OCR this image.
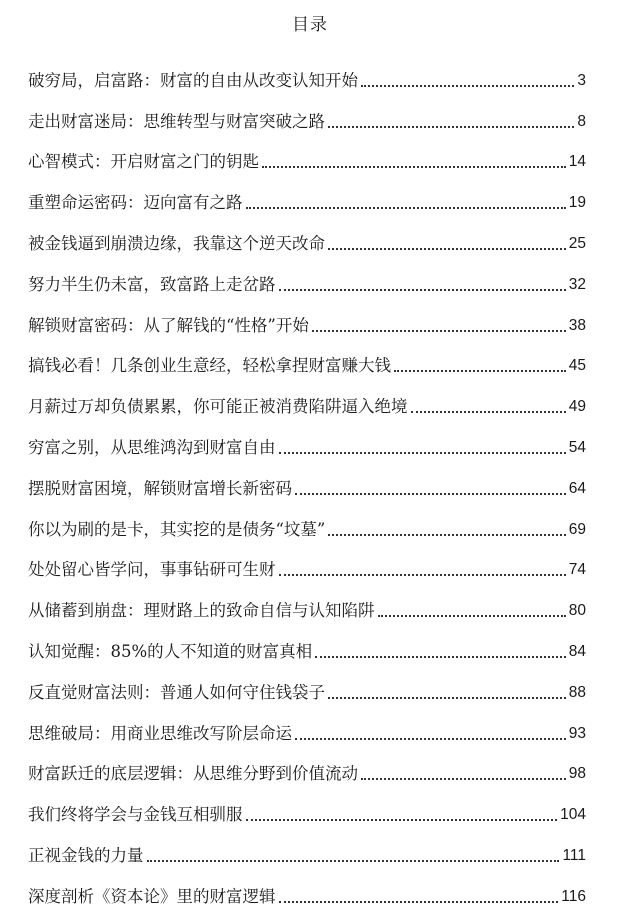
目录
破穷局，启富路：财富的自由从改变认知开始	3
走出财富迷局：思维转型与财富突破之路	8
心智模式：开启财富之门的钥匙	14
重塑命运密码：迈向富有之路	19
被金钱逼到崩溃边缘，我靠这个逆天改命	25
努力半生仍未富，致富路上走岔路	32
解锁财富密码：从了解钱的“性格”开始	38
搞钱必看！几条创业生意经，轻松拿捏财富赚大钱	45
月薪过万却负债累累，你可能正被消费陷阱逼入绝境	49
穷富之别，从思维鸿沟到财富自由	54
摆脱财富困境，解锁财富增长新密码	64
你以为刷的是卡，其实挖的是债务“坟墓”	69
处处留心皆学问，事事钻研可生财	74
从储蓄到崩盘：理财路上的致命自信与认知陷阱	80
认知觉醒：85%的人不知道的财富真相	84
反直觉财富法则：普通人如何守住钱袋子	88
思维破局：用商业思维改写阶层命运	93
财富跃迁的底层逻辑：从思维分野到价值流动	98
我们终将学会与金钱互相驯服	104
正视金钱的力量	111
深度剖析《资本论》里的财富逻辑	116
